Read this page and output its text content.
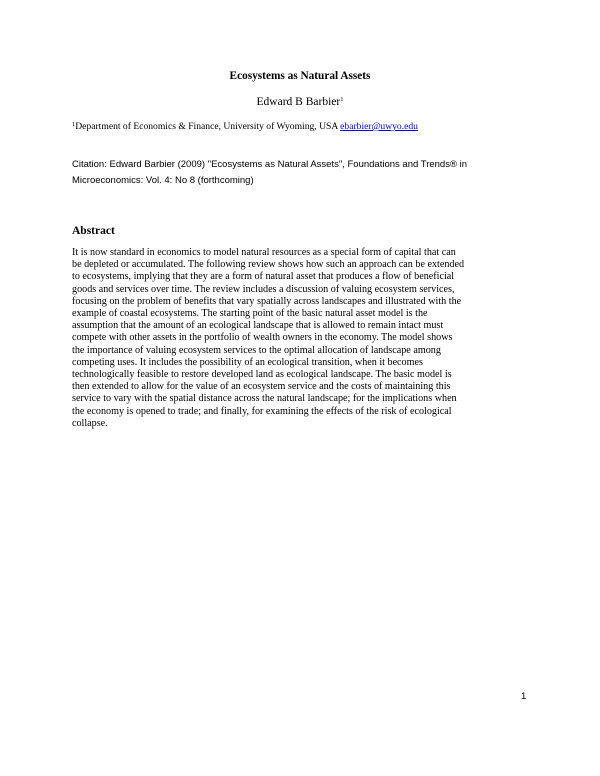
Ecosystems as Natural Assets
Edward B Barbier$^1$
$^1$Department of Economics & Finance, University of Wyoming, USA ebarbier@uwyo.edu
Citation: Edward Barbier (2009) "Ecosystems as Natural Assets", Foundations and Trends® in
Microeconomics: Vol. 4: No 8 (forthcoming)
Abstract
It is now standard in economics to model natural resources as a special form of capital that can
be depleted or accumulated. The following review shows how such an approach can be extended
to ecosystems, implying that they are a form of natural asset that produces a flow of beneficial
goods and services over time. The review includes a discussion of valuing ecosystem services,
focusing on the problem of benefits that vary spatially across landscapes and illustrated with the
example of coastal ecosystems. The starting point of the basic natural asset model is the
assumption that the amount of an ecological landscape that is allowed to remain intact must
compete with other assets in the portfolio of wealth owners in the economy. The model shows
the importance of valuing ecosystem services to the optimal allocation of landscape among
competing uses. It includes the possibility of an ecological transition, when it becomes
technologically feasible to restore developed land as ecological landscape. The basic model is
then extended to allow for the value of an ecosystem service and the costs of maintaining this
service to vary with the spatial distance across the natural landscape; for the implications when
the economy is opened to trade; and finally, for examining the effects of the risk of ecological
collapse.
1
